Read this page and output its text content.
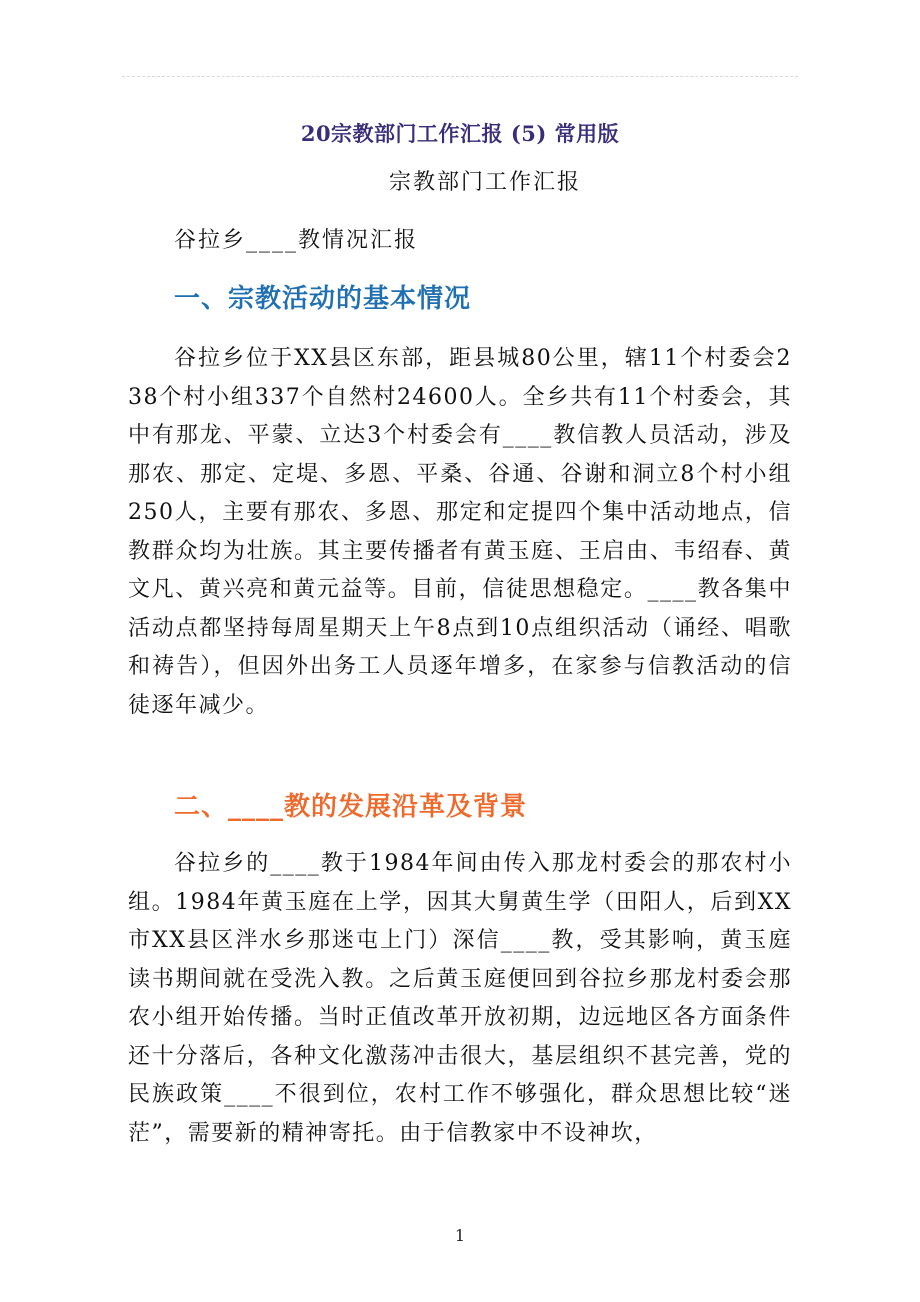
20宗教部门工作汇报 (5) 常用版
宗教部门工作汇报
谷拉乡____教情况汇报
一、宗教活动的基本情况

谷拉乡位于XX县区东部，距县城80公里，辖11个村委会238个村小组337个自然村24600人。全乡共有11个村委会，其中有那龙、平蒙、立达3个村委会有____教信教人员活动，涉及那农、那定、定堤、多恩、平桑、谷通、谷谢和洞立8个村小组250人，主要有那农、多恩、那定和定提四个集中活动地点，信教群众均为壮族。其主要传播者有黄玉庭、王启由、韦绍春、黄文凡、黄兴亮和黄元益等。目前，信徒思想稳定。____教各集中活动点都坚持每周星期天上午8点到10点组织活动（诵经、唱歌和祷告），但因外出务工人员逐年增多，在家参与信教活动的信徒逐年减少。

二、____教的发展沿革及背景

谷拉乡的____教于1984年间由传入那龙村委会的那农村小组。1984年黄玉庭在上学，因其大舅黄生学（田阳人，后到XX市XX县区泮水乡那迷屯上门）深信____教，受其影响，黄玉庭读书期间就在受洗入教。之后黄玉庭便回到谷拉乡那龙村委会那农小组开始传播。当时正值改革开放初期，边远地区各方面条件还十分落后，各种文化激荡冲击很大，基层组织不甚完善，党的民族政策____不很到位，农村工作不够强化，群众思想比较“迷茫”，需要新的精神寄托。由于信教家中不设神坎，

1
